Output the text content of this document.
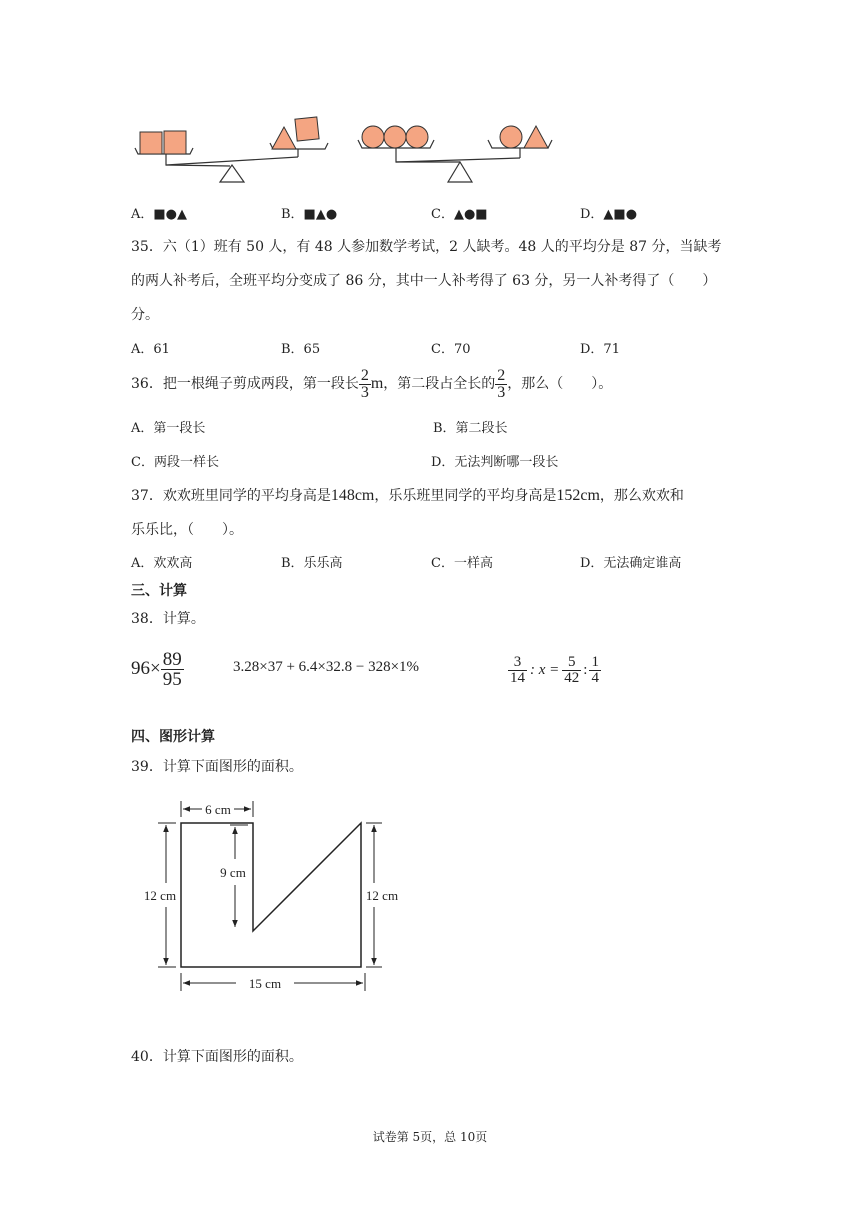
A．■●▲	B．■▲●	C．▲●■	D．▲■●
35．六（1）班有 50 人，有 48 人参加数学考试，2 人缺考。48 人的平均分是 87 分，当缺考
的两人补考后，全班平均分变成了 86 分，其中一人补考得了 63 分，另一人补考得了（　　）
分。
A．61	B．65	C．70	D．71
36．把一根绳子剪成两段，第一段长 $\frac{2}{3}$ m，第二段占全长的 $\frac{2}{3}$ ，那么（　　）。
A．第一段长	B．第二段长
C．两段一样长	D．无法判断哪一段长
37．欢欢班里同学的平均身高是148cm，乐乐班里同学的平均身高是152cm，那么欢欢和
乐乐比，（　　）。
A．欢欢高	B．乐乐高	C．一样高	D．无法确定谁高
三、计算
38．计算。
$96\times \frac{89}{95}$	3.28×37 + 6.4×32.8 − 328×1%	$\frac{3}{14}$ : $x = \frac{5}{42}$ : $\frac{1}{4}$
四、图形计算
39．计算下面图形的面积。
6 cm
9 cm
12 cm	12 cm
15 cm
40．计算下面图形的面积。
试卷第 5页，总 10页
